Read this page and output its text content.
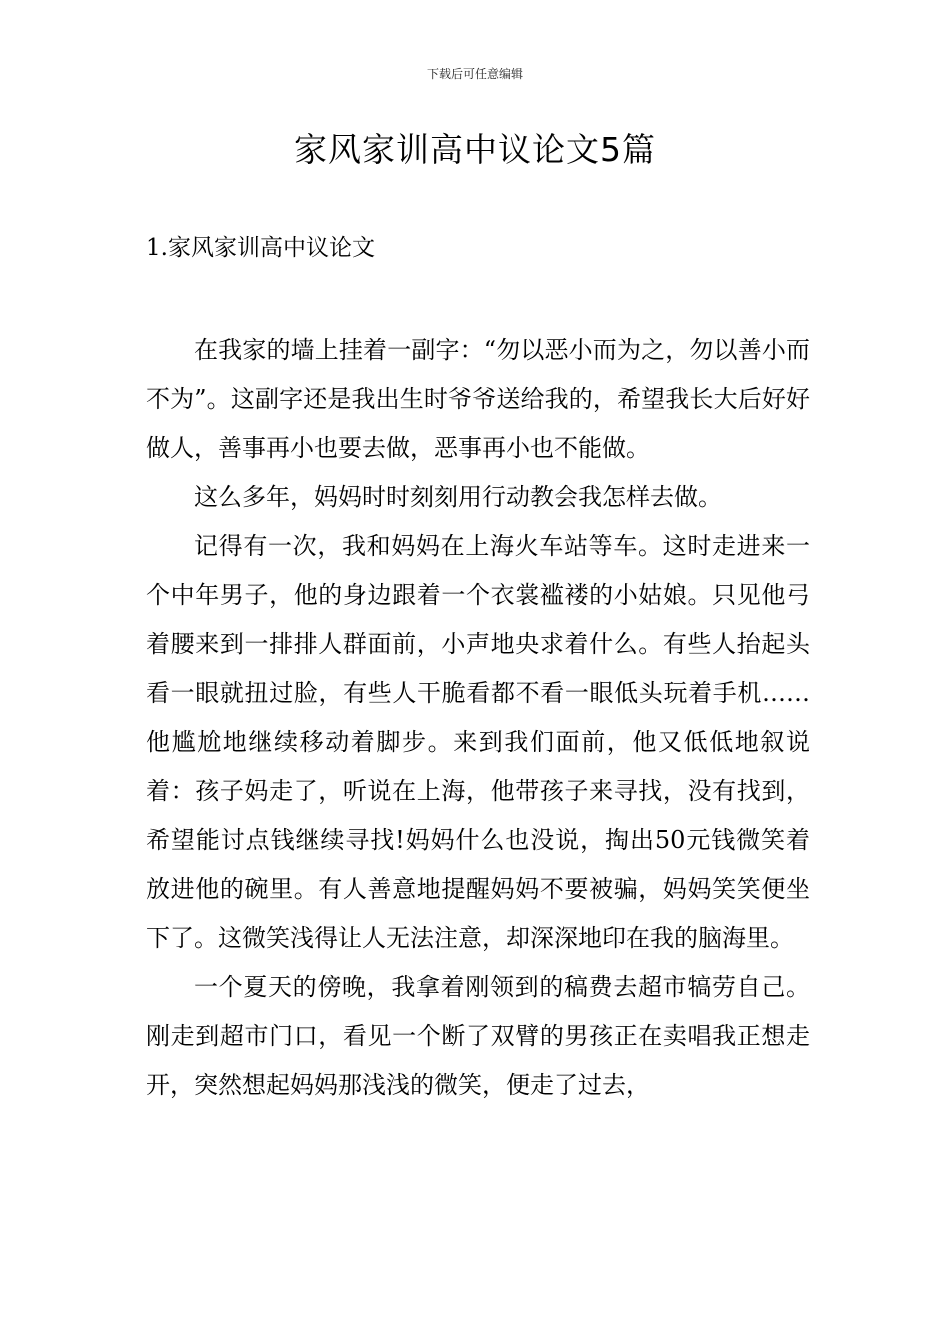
下载后可任意编辑
家风家训高中议论文5篇
1.家风家训高中议论文

在我家的墙上挂着一副字：“勿以恶小而为之，勿以善小而不为”。这副字还是我出生时爷爷送给我的，希望我长大后好好做人，善事再小也要去做，恶事再小也不能做。

这么多年，妈妈时时刻刻用行动教会我怎样去做。

记得有一次，我和妈妈在上海火车站等车。这时走进来一个中年男子，他的身边跟着一个衣裳褴褛的小姑娘。只见他弓着腰来到一排排人群面前，小声地央求着什么。有些人抬起头看一眼就扭过脸，有些人干脆看都不看一眼低头玩着手机……他尴尬地继续移动着脚步。来到我们面前，他又低低地叙说着：孩子妈走了，听说在上海，他带孩子来寻找，没有找到，希望能讨点钱继续寻找!妈妈什么也没说，掏出50元钱微笑着放进他的碗里。有人善意地提醒妈妈不要被骗，妈妈笑笑便坐下了。这微笑浅得让人无法注意，却深深地印在我的脑海里。

一个夏天的傍晚，我拿着刚领到的稿费去超市犒劳自己。刚走到超市门口，看见一个断了双臂的男孩正在卖唱我正想走开，突然想起妈妈那浅浅的微笑，便走了过去，
